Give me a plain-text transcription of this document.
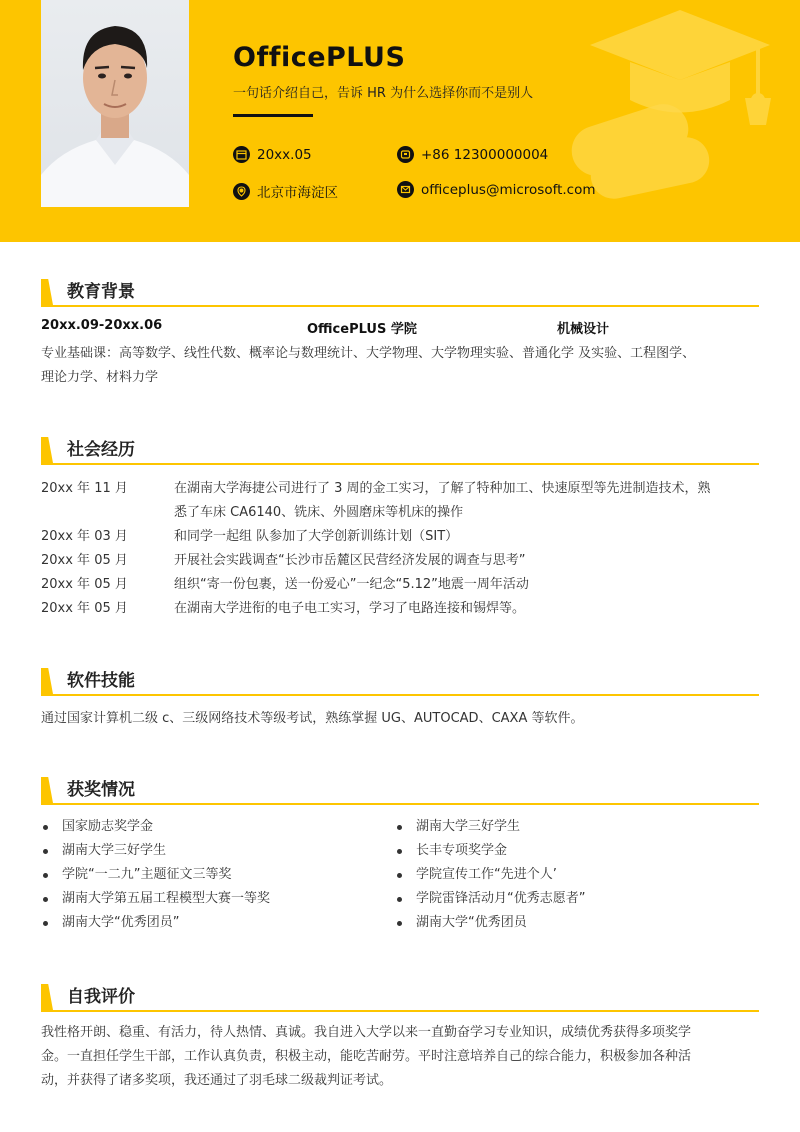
OfficePLUS
一句话介绍自己，告诉 HR 为什么选择你而不是别人
20xx.05	+86 12300000004
北京市海淀区	officeplus@microsoft.com
教育背景
20xx.09-20xx.06	OfficePLUS 学院	机械设计
专业基础课：高等数学、线性代数、概率论与数理统计、大学物理、大学物理实验、普通化学 及实验、工程图学、
理论力学、材料力学
社会经历
20xx 年 11 月	在湖南大学海捷公司进行了 3 周的金工实习，了解了特种加工、快速原型等先进制造技术，熟
悉了车床 CA6140、铣床、外圆磨床等机床的操作
20xx 年 03 月	和同学一起组 队参加了大学创新训练计划（SIT）
20xx 年 05 月	开展社会实践调查“长沙市岳麓区民营经济发展的调查与思考”
20xx 年 05 月	组织“寄一份包裹，送一份爱心”一纪念“5.12”地震一周年活动
20xx 年 05 月	在湖南大学进衔的电子电工实习，学习了电路连接和锡焊等。
软件技能
通过国家计算机二级 c、三级网络技术等级考试，熟练掌握 UG、AUTOCAD、CAXA 等软件。
获奖情况
国家励志奖学金
湖南大学三好学生
学院“一二九”主题征文三等奖
湖南大学第五届工程模型大赛一等奖
湖南大学“优秀团员”
湖南大学三好学生
长丰专项奖学金
学院宣传工作“先进个人’
学院雷锋活动月“优秀志愿者”
湖南大学“优秀团员
自我评价
我性格开朗、稳重、有活力，待人热情、真诚。我自进入大学以来一直勤奋学习专业知识，成绩优秀获得多项奖学
金。一直担任学生干部，工作认真负责，积极主动，能吃苦耐劳。平时注意培养自己的综合能力，积极参加各种活
动，并获得了诸多奖项，我还通过了羽毛球二级裁判证考试。
